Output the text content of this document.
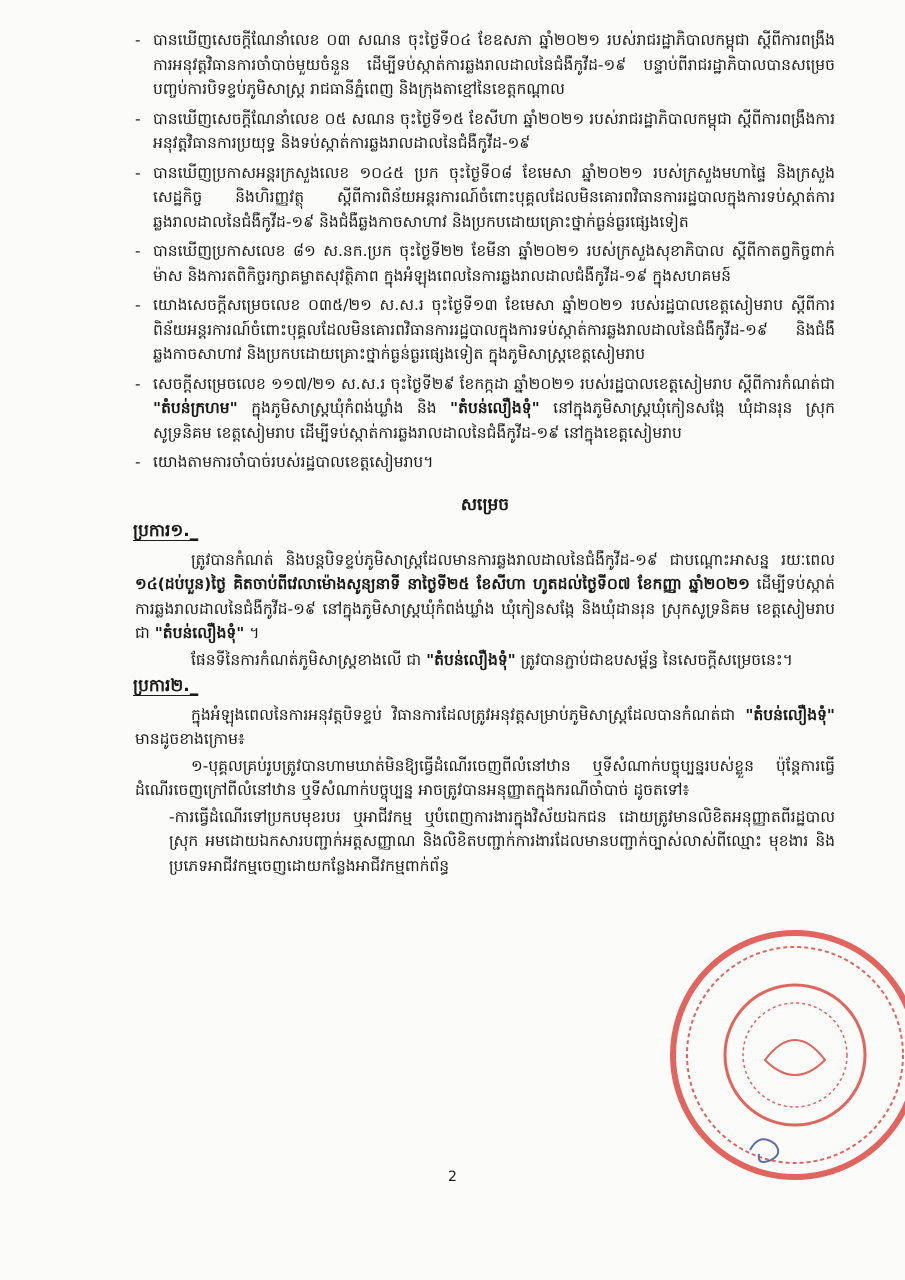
- បានឃើញសេចក្តីណែនាំលេខ ០៣ សណន ចុះថ្ងៃទី០៤ ខែឧសភា ឆ្នាំ២០២១ របស់រាជរដ្ឋាភិបាលកម្ពុជា ស្តីពីការពង្រឹងការអនុវត្តវិធានការចាំបាច់មួយចំនួន ដើម្បីទប់ស្កាត់ការឆ្លងរាលដាលនៃជំងឺកូវីដ-១៩ បន្ទាប់ពីរាជរដ្ឋាភិបាលបានសម្រេចបញ្ចប់ការបិទខ្ទប់ភូមិសាស្រ្ត រាជធានីភ្នំពេញ និងក្រុងតាខ្មៅនៃខេត្តកណ្តាល
- បានឃើញសេចក្តីណែនាំលេខ ០៥ សណន ចុះថ្ងៃទី១៥ ខែសីហា ឆ្នាំ២០២១ របស់រាជរដ្ឋាភិបាលកម្ពុជា ស្តីពីការពង្រឹងការអនុវត្តវិធានការប្រយុទ្ធ និងទប់ស្កាត់ការឆ្លងរាលដាលនៃជំងឺកូវីដ-១៩
- បានឃើញប្រកាសអន្តរក្រសួងលេខ ១០៤៥ ប្រក ចុះថ្ងៃទី០៨ ខែមេសា ឆ្នាំ២០២១ របស់ក្រសួងមហាផ្ទៃ និងក្រសួងសេដ្ឋកិច្ច និងហិរញ្ញវត្ថុ ស្តីពីការពិន័យអន្តរការណ៍ចំពោះបុគ្គលដែលមិនគោរពវិធានការរដ្ឋបាលក្នុងការទប់ស្កាត់ការឆ្លងរាលដាលនៃជំងឺកូវីដ-១៩ និងជំងឺឆ្លងកាចសាហាវ និងប្រកបដោយគ្រោះថ្នាក់ធ្ងន់ធ្ងរផ្សេងទៀត
- បានឃើញប្រកាសលេខ ៨១ ស.នក.ប្រក ចុះថ្ងៃទី២២ ខែមីនា ឆ្នាំ២០២១ របស់ក្រសួងសុខាភិបាល ស្តីពីកាតព្វកិច្ចពាក់ម៉ាស និងការតពិកិច្ចរក្សាគម្លាតសុវត្ថិភាព ក្នុងអំឡុងពេលនៃការឆ្លងរាលដាលជំងឺកូវីដ-១៩ ក្នុងសហគមន៍
- យោងសេចក្តីសម្រេចលេខ ០៣៥/២១ ស.ស.រ ចុះថ្ងៃទី១៣ ខែមេសា ឆ្នាំ២០២១ របស់រដ្ឋបាលខេត្តសៀមរាប ស្តីពីការពិន័យអន្តរការណ៍ចំពោះបុគ្គលដែលមិនគោរពវិធានការរដ្ឋបាលក្នុងការទប់ស្កាត់ការឆ្លងរាលដាលនៃជំងឺកូវីដ-១៩ និងជំងឺឆ្លងកាចសាហាវ និងប្រកបដោយគ្រោះថ្នាក់ធ្ងន់ធ្ងរផ្សេងទៀត ក្នុងភូមិសាស្រ្តខេត្តសៀមរាប
- សេចក្តីសម្រេចលេខ ១១៧/២១ ស.ស.រ ចុះថ្ងៃទី២៩ ខែកក្កដា ឆ្នាំ២០២១ របស់រដ្ឋបាលខេត្តសៀមរាប ស្តីពីការកំណត់ជា "តំបន់ក្រហម" ក្នុងភូមិសាស្រ្តឃុំកំពង់ឃ្លាំង និង "តំបន់លឿងទុំ" នៅក្នុងភូមិសាស្រ្តឃុំកៀនសង្កែ ឃុំដានរុន ស្រុកសូទ្រនិគម ខេត្តសៀមរាប ដើម្បីទប់ស្កាត់ការឆ្លងរាលដាលនៃជំងឺកូវីដ-១៩ នៅក្នុងខេត្តសៀមរាប
- យោងតាមការចាំបាច់របស់រដ្ឋបាលខេត្តសៀមរាប។
សម្រេច
ប្រការ១._

ត្រូវបានកំណត់ និងបន្តបិទខ្ទប់ភូមិសាស្រ្តដែលមានការឆ្លងរាលដាលនៃជំងឺកូវីដ-១៩ ជាបណ្តោះអាសន្ន រយៈពេល ១៤(ដប់បួន)ថ្ងៃ គិតចាប់ពីវេលាម៉ោងសូន្យនាទី នាថ្ងៃទី២៥ ខែសីហា ហូតដល់ថ្ងៃទី០៧ ខែកញ្ញា ឆ្នាំ២០២១ ដើម្បីទប់ស្កាត់ការឆ្លងរាលដាលនៃជំងឺកូវីដ-១៩ នៅក្នុងភូមិសាស្រ្តឃុំកំពង់ឃ្លាំង ឃុំកៀនសង្កែ និងឃុំដានរុន ស្រុកសូទ្រនិគម ខេត្តសៀមរាប ជា "តំបន់លឿងទុំ" ។

ផែនទីនៃការកំណត់ភូមិសាស្រ្តខាងលើ ជា "តំបន់លឿងទុំ" ត្រូវបានភ្ជាប់ជាឧបសម្ព័ន្ធ នៃសេចក្តីសម្រេចនេះ។

ប្រការ២._

ក្នុងអំឡុងពេលនៃការអនុវត្តបិទខ្ទប់ វិធានការដែលត្រូវអនុវត្តសម្រាប់ភូមិសាស្រ្តដែលបានកំណត់ជា "តំបន់លឿងទុំ" មានដូចខាងក្រោម៖

១-បុគ្គលគ្រប់រូបត្រូវបានហាមឃាត់មិនឱ្យធ្វើដំណើរចេញពីលំនៅឋាន ឬទីសំណាក់បច្ចុប្បន្នរបស់ខ្លួន ប៉ុន្តែការធ្វើដំណើរចេញក្រៅពីលំនៅឋាន ឬទីសំណាក់បច្ចុប្បន្ន អាចត្រូវបានអនុញ្ញាតក្នុងករណីចាំបាច់ ដូចតទៅ៖

-ការធ្វើដំណើរទៅប្រកបមុខរបរ ឬអាជីវកម្ម ឬបំពេញការងារក្នុងវិស័យឯកជន ដោយត្រូវមានលិខិតអនុញ្ញាតពីរដ្ឋបាលស្រុក អមដោយឯកសារបញ្ជាក់អត្តសញ្ញាណ និងលិខិតបញ្ជាក់ការងារដែលមានបញ្ជាក់ច្បាស់លាស់ពីឈ្មោះ មុខងារ និងប្រភេទអាជីវកម្មចេញដោយកន្លែងអាជីវកម្មពាក់ព័ន្ធ

2
